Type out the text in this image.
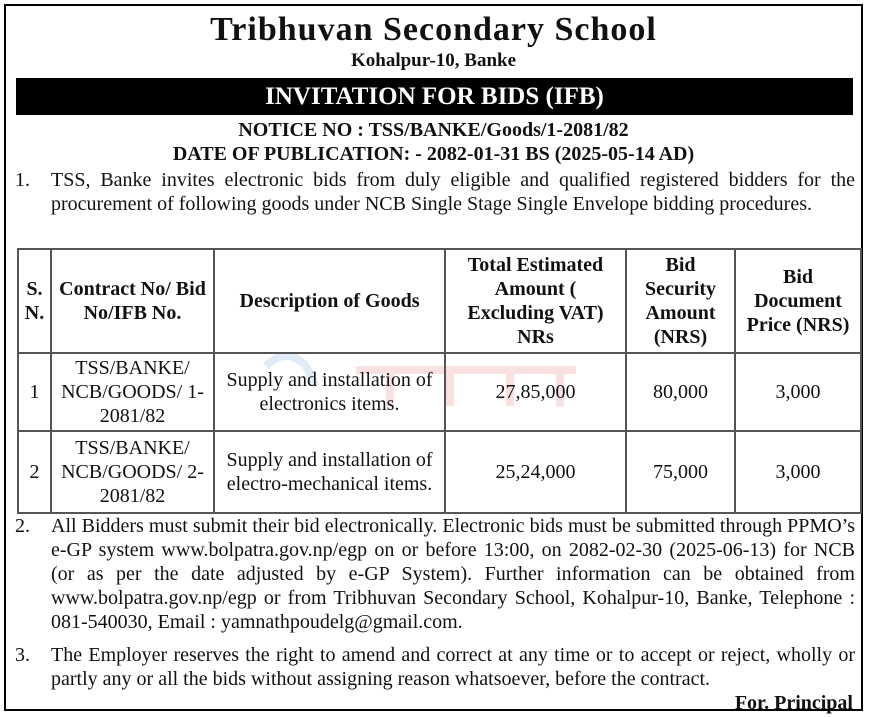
Tribhuvan Secondary School
Kohalpur-10, Banke
INVITATION FOR BIDS (IFB)
NOTICE NO : TSS/BANKE/Goods/1-2081/82
DATE OF PUBLICATION: - 2082-01-31 BS (2025-05-14 AD)
1. TSS, Banke invites electronic bids from duly eligible and qualified registered bidders for the procurement of following goods under NCB Single Stage Single Envelope bidding procedures.
S. N.	Contract No/ Bid No/IFB No.	Description of Goods	Total Estimated Amount ( Excluding VAT) NRs	Bid Security Amount (NRS)	Bid Document Price (NRS)
1	TSS/BANKE/ NCB/GOODS/ 1-2081/82	Supply and installation of electronics items.	27,85,000	80,000	3,000
2	TSS/BANKE/ NCB/GOODS/ 2-2081/82	Supply and installation of electro-mechanical items.	25,24,000	75,000	3,000
2. All Bidders must submit their bid electronically. Electronic bids must be submitted through PPMO’s e-GP system www.bolpatra.gov.np/egp on or before 13:00, on 2082-02-30 (2025-06-13) for NCB (or as per the date adjusted by e-GP System). Further information can be obtained from www.bolpatra.gov.np/egp or from Tribhuvan Secondary School, Kohalpur-10, Banke, Telephone : 081-540030, Email : yamnathpoudelg@gmail.com.
3. The Employer reserves the right to amend and correct at any time or to accept or reject, wholly or partly any or all the bids without assigning reason whatsoever, before the contract.
For. Principal
